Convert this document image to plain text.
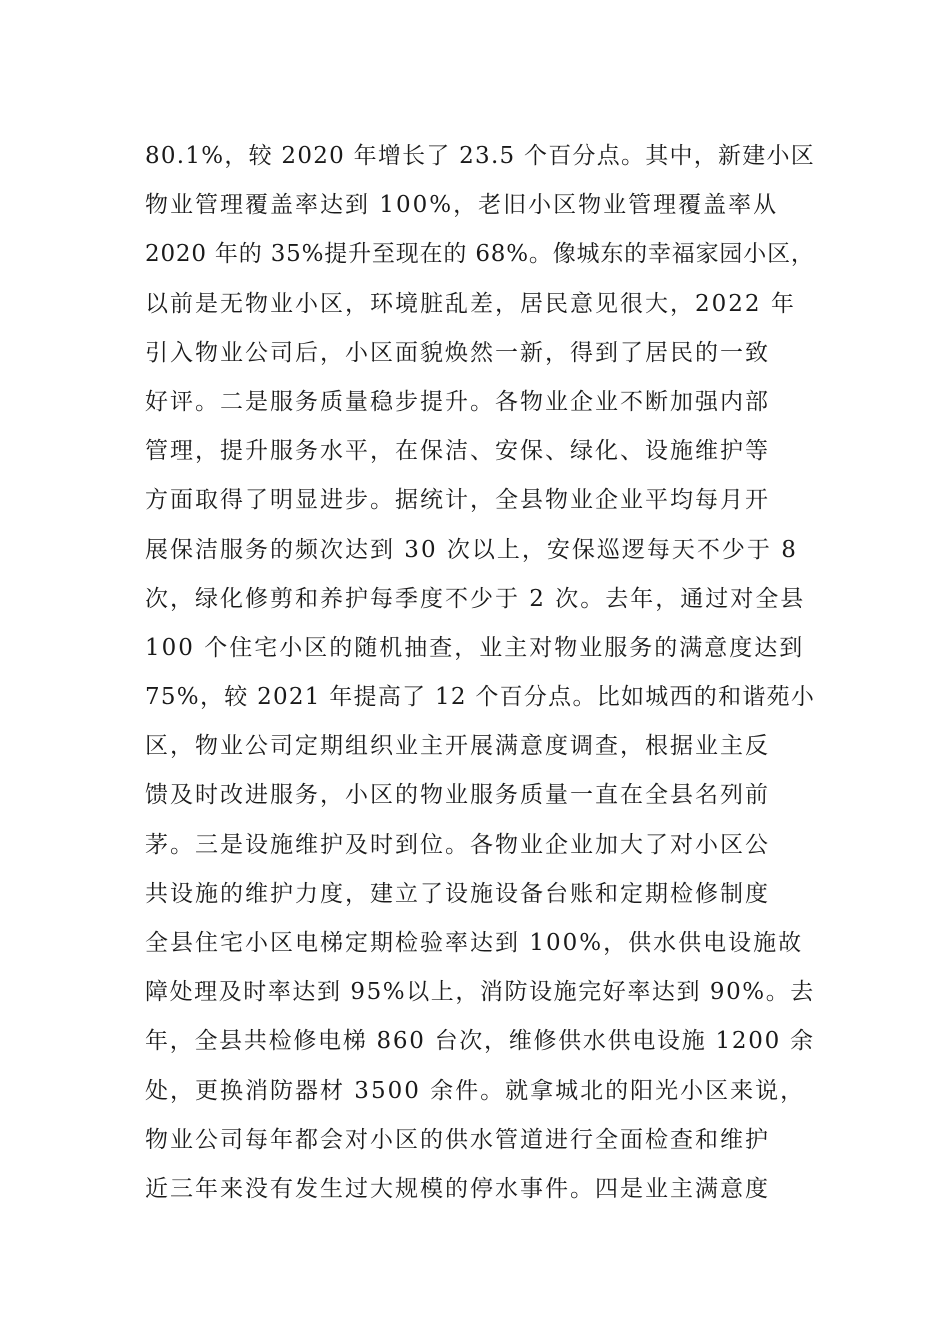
80.1%，较 2020 年增长了 23.5 个百分点。其中，新建小区
物业管理覆盖率达到 100%，老旧小区物业管理覆盖率从
2020 年的 35%提升至现在的 68%。像城东的幸福家园小区，
以前是无物业小区，环境脏乱差，居民意见很大，2022 年
引入物业公司后，小区面貌焕然一新，得到了居民的一致
好评。二是服务质量稳步提升。各物业企业不断加强内部
管理，提升服务水平，在保洁、安保、绿化、设施维护等
方面取得了明显进步。据统计，全县物业企业平均每月开
展保洁服务的频次达到 30 次以上，安保巡逻每天不少于 8
次，绿化修剪和养护每季度不少于 2 次。去年，通过对全县
100 个住宅小区的随机抽查，业主对物业服务的满意度达到
75%，较 2021 年提高了 12 个百分点。比如城西的和谐苑小
区，物业公司定期组织业主开展满意度调查，根据业主反
馈及时改进服务，小区的物业服务质量一直在全县名列前
茅。三是设施维护及时到位。各物业企业加大了对小区公
共设施的维护力度，建立了设施设备台账和定期检修制度
全县住宅小区电梯定期检验率达到 100%，供水供电设施故
障处理及时率达到 95%以上，消防设施完好率达到 90%。去
年，全县共检修电梯 860 台次，维修供水供电设施 1200 余
处，更换消防器材 3500 余件。就拿城北的阳光小区来说，
物业公司每年都会对小区的供水管道进行全面检查和维护
近三年来没有发生过大规模的停水事件。四是业主满意度
